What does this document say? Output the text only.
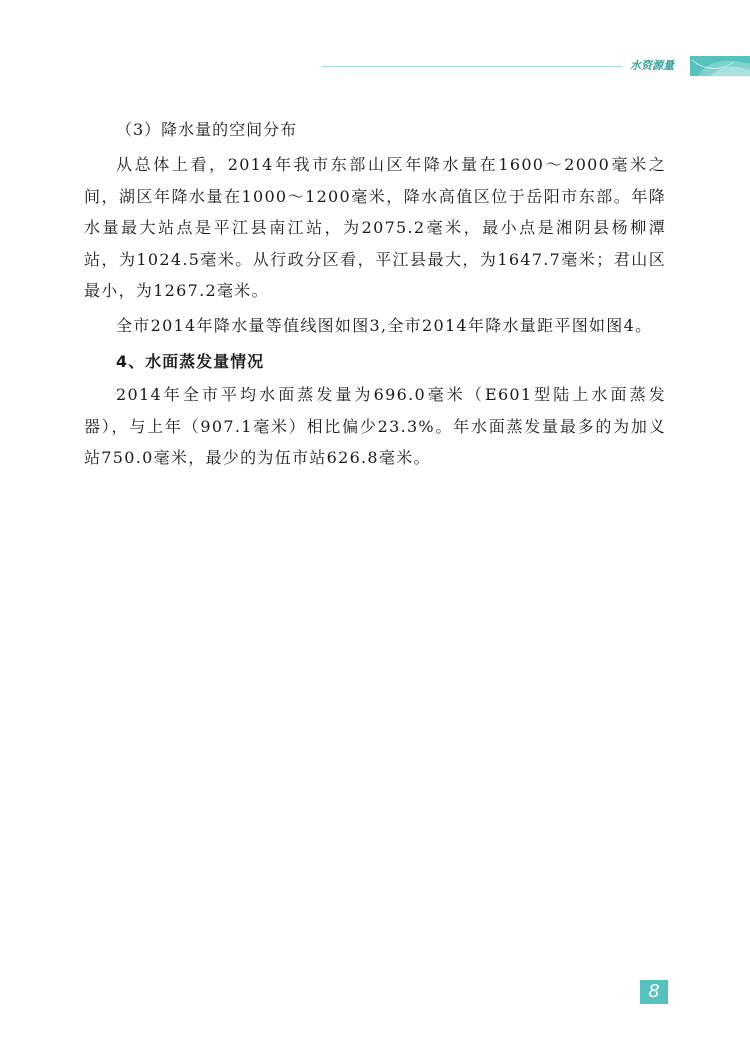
水资源量

（3）降水量的空间分布

从总体上看，2014年我市东部山区年降水量在1600～2000毫米之间，湖区年降水量在1000～1200毫米，降水高值区位于岳阳市东部。年降水量最大站点是平江县南江站，为2075.2毫米，最小点是湘阴县杨柳潭站，为1024.5毫米。从行政分区看，平江县最大，为1647.7毫米；君山区最小，为1267.2毫米。

全市2014年降水量等值线图如图3,全市2014年降水量距平图如图4。

4、水面蒸发量情况

2014年全市平均水面蒸发量为696.0毫米（E601型陆上水面蒸发器），与上年（907.1毫米）相比偏少23.3%。年水面蒸发量最多的为加义站750.0毫米，最少的为伍市站626.8毫米。

8
